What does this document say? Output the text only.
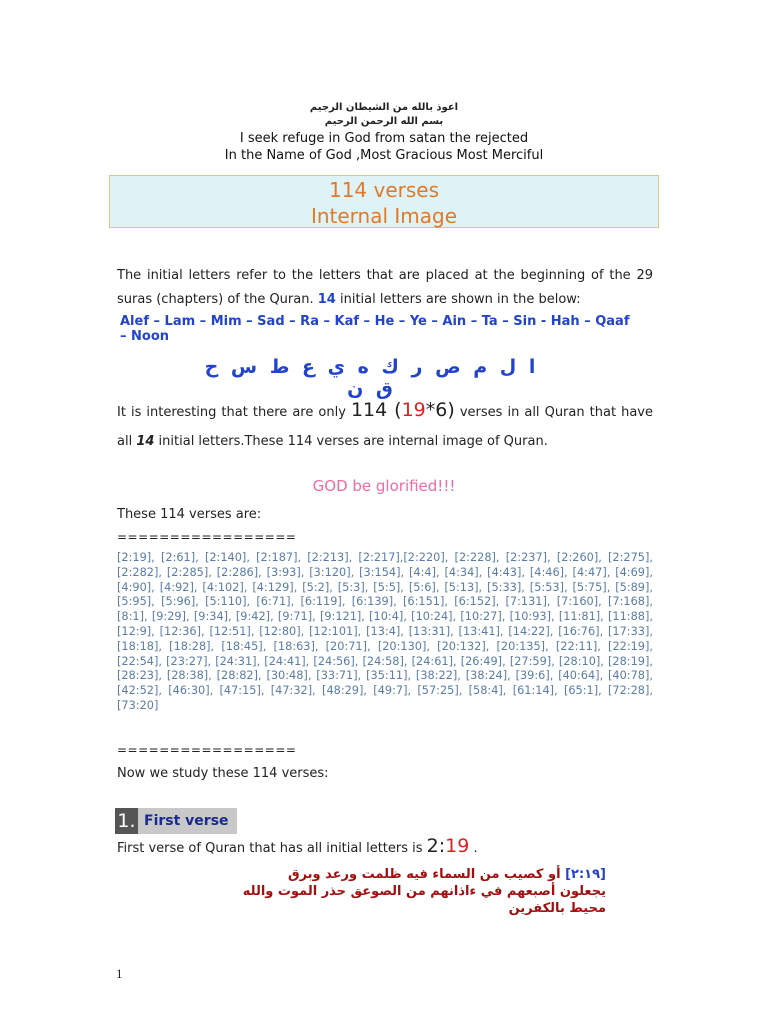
اعوذ بالله من الشيطان الرجيم
بسم الله الرحمن الرحيم
I seek refuge in God from satan the rejected
In the Name of God ,Most Gracious Most Merciful
114 verses
Internal Image
The initial letters refer to the letters that are placed at the beginning of the 29 suras (chapters) of the Quran. 14 initial letters are shown in the below:
Alef – Lam – Mim – Sad – Ra – Kaf – He – Ye – Ain – Ta – Sin - Hah – Qaaf – Noon
ا ل م ص ر ك ه ي ع ط س ح ق ن
It is interesting that there are only 114 (19*6) verses in all Quran that have all 14 initial letters.These 114 verses are internal image of Quran.
GOD be glorified!!!
These 114 verses are:
=================
[2:19], [2:61], [2:140], [2:187], [2:213], [2:217],[2:220], [2:228], [2:237], [2:260], [2:275], [2:282], [2:285], [2:286], [3:93], [3:120], [3:154], [4:4], [4:34], [4:43], [4:46], [4:47], [4:69], [4:90], [4:92], [4:102], [4:129], [5:2], [5:3], [5:5], [5:6], [5:13], [5:33], [5:53], [5:75], [5:89], [5:95], [5:96], [5:110], [6:71], [6:119], [6:139], [6:151], [6:152], [7:131], [7:160], [7:168], [8:1], [9:29], [9:34], [9:42], [9:71], [9:121], [10:4], [10:24], [10:27], [10:93], [11:81], [11:88], [12:9], [12:36], [12:51], [12:80], [12:101], [13:4], [13:31], [13:41], [14:22], [16:76], [17:33], [18:18], [18:28], [18:45], [18:63], [20:71], [20:130], [20:132], [20:135], [22:11], [22:19], [22:54], [23:27], [24:31], [24:41], [24:56], [24:58], [24:61], [26:49], [27:59], [28:10], [28:19], [28:23], [28:38], [28:82], [30:48], [33:71], [35:11], [38:22], [38:24], [39:6], [40:64], [40:78], [42:52], [46:30], [47:15], [47:32], [48:29], [49:7], [57:25], [58:4], [61:14], [65:1], [72:28], [73:20]
=================
Now we study these 114 verses:
1. First verse
First verse of Quran that has all initial letters is 2:19 .
[٢:١٩] أو كصيب من السماء فيه ظلمت ورعد وبرق
يجعلون أصبعهم في ءاذانهم من الصوعق حذر الموت والله
محيط بالكفرين
1
